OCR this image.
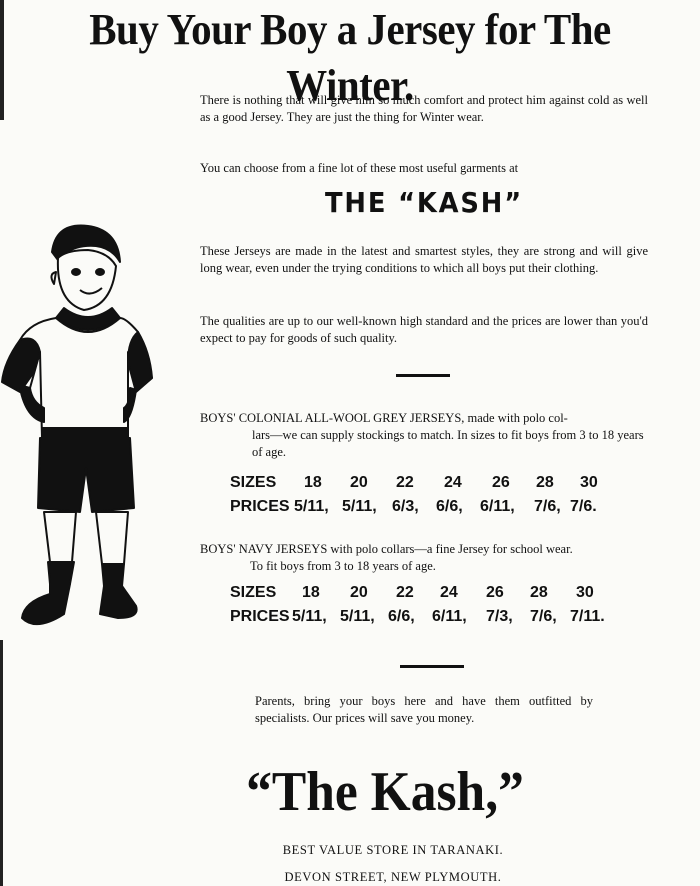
Buy Your Boy a Jersey for The Winter.
There is nothing that will give him so much comfort and protect him against cold as well as a good Jersey. They are just the thing for Winter wear.
You can choose from a fine lot of these most useful garments at
THE “KASH”
These Jerseys are made in the latest and smartest styles, they are strong and will give long wear, even under the trying conditions to which all boys put their clothing.
The qualities are up to our well-known high standard and the prices are lower than you'd expect to pay for goods of such quality.
BOYS' COLONIAL ALL-WOOL GREY JERSEYS, made with polo col-
lars—we can supply stockings to match. In sizes to fit boys from 3 to 18 years of age.
SIZES 18 20 22 24 26 28 30
PRICES 5/11, 5/11, 6/3, 6/6, 6/11, 7/6, 7/6.
BOYS' NAVY JERSEYS with polo collars—a fine Jersey for school wear.
To fit boys from 3 to 18 years of age.
SIZES 18 20 22 24 26 28 30
PRICES 5/11, 5/11, 6/6, 6/11, 7/3, 7/6, 7/11.
Parents, bring your boys here and have them outfitted by specialists. Our prices will save you money.
“The Kash,”
BEST VALUE STORE IN TARANAKI.
DEVON STREET, NEW PLYMOUTH.
